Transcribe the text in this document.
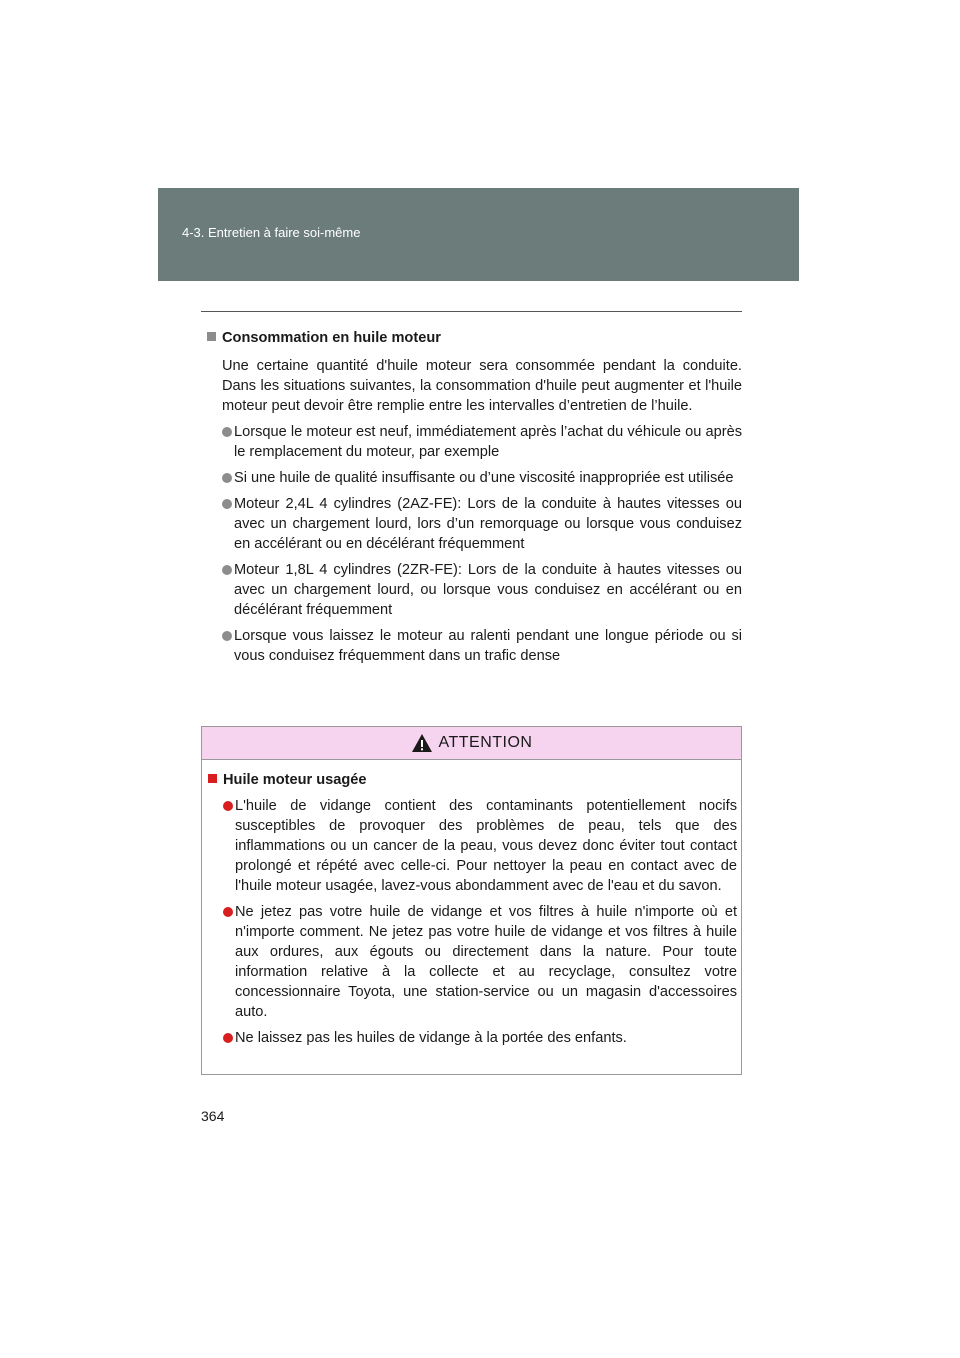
4-3. Entretien à faire soi-même
Consommation en huile moteur

Une certaine quantité d'huile moteur sera consommée pendant la conduite. Dans les situations suivantes, la consommation d'huile peut augmenter et l'huile moteur peut devoir être remplie entre les intervalles d’entretien de l’huile.

Lorsque le moteur est neuf, immédiatement après l’achat du véhicule ou après le remplacement du moteur, par exemple
Si une huile de qualité insuffisante ou d’une viscosité inappropriée est utilisée
Moteur 2,4L 4 cylindres (2AZ-FE): Lors de la conduite à hautes vitesses ou avec un chargement lourd, lors d’un remorquage ou lorsque vous conduisez en accélérant ou en décélérant fréquemment
Moteur 1,8L 4 cylindres (2ZR-FE): Lors de la conduite à hautes vitesses ou avec un chargement lourd, ou lorsque vous conduisez en accélérant ou en décélérant fréquemment
Lorsque vous laissez le moteur au ralenti pendant une longue période ou si vous conduisez fréquemment dans un trafic dense
ATTENTION
Huile moteur usagée
L'huile de vidange contient des contaminants potentiellement nocifs susceptibles de provoquer des problèmes de peau, tels que des inflammations ou un cancer de la peau, vous devez donc éviter tout contact prolongé et répété avec celle-ci. Pour nettoyer la peau en contact avec de l'huile moteur usagée, lavez-vous abondamment avec de l'eau et du savon.
Ne jetez pas votre huile de vidange et vos filtres à huile n'importe où et n'importe comment. Ne jetez pas votre huile de vidange et vos filtres à huile aux ordures, aux égouts ou directement dans la nature. Pour toute information relative à la collecte et au recyclage, consultez votre concessionnaire Toyota, une station-service ou un magasin d'accessoires auto.
Ne laissez pas les huiles de vidange à la portée des enfants.
364
